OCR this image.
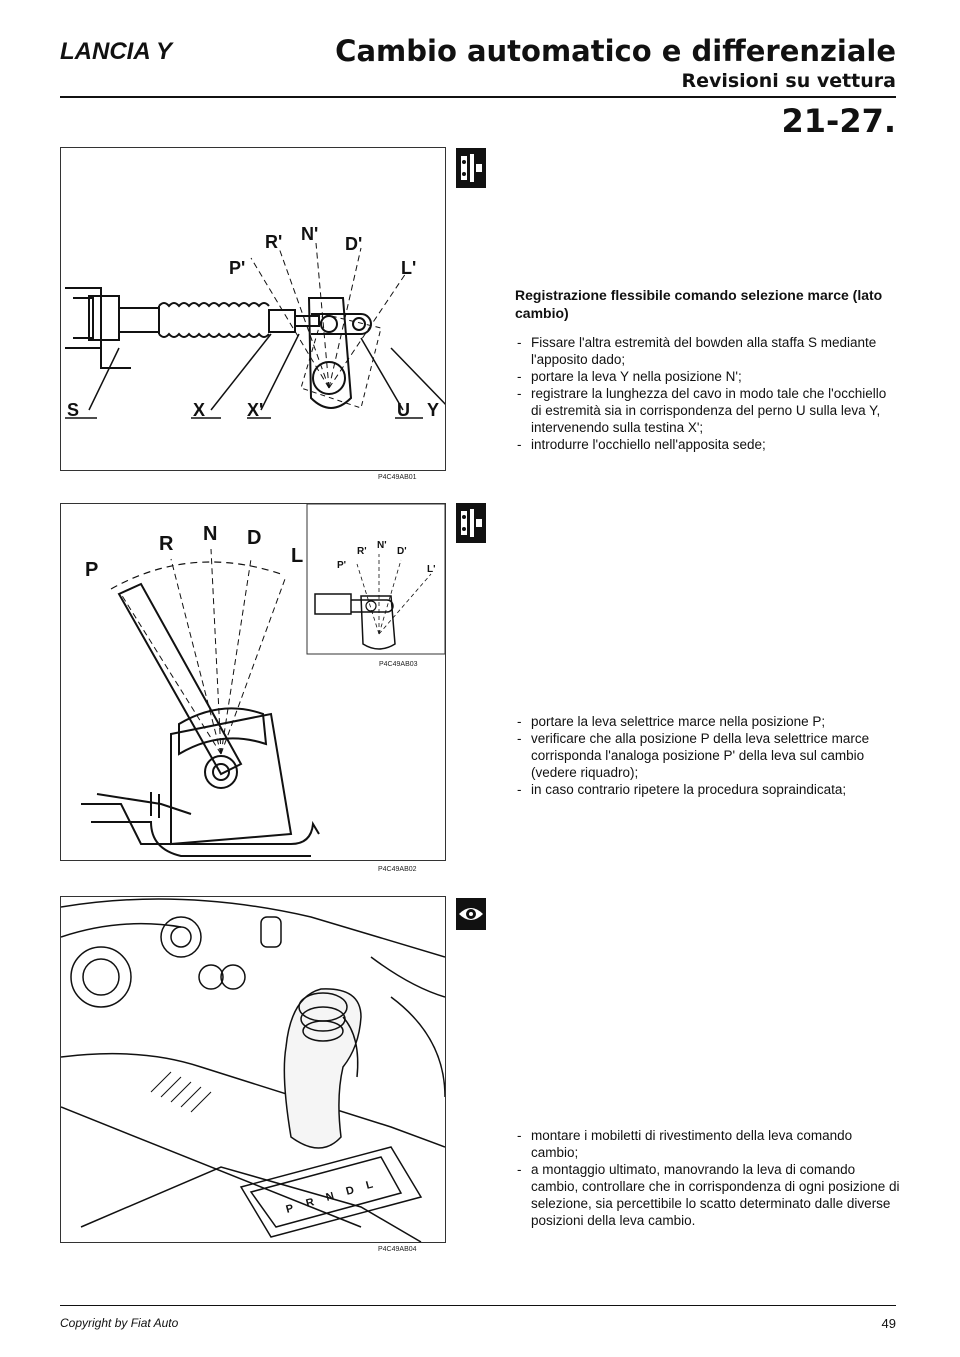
LANCIA Y	Cambio automatico e differenziale
Revisioni su vettura
21-27.
R' N' D'
L'
P'
S	X X'	U Y
P4C49AB01
P
R N D
L	R'
N'
D'
L'
P'
P4C49AB03
P4C49AB02
P R N D L
P4C49AB04
Registrazione flessibile comando selezione marce (lato cambio)
- Fissare l'altra estremità del bowden alla staffa S mediante l'apposito dado;
- portare la leva Y nella posizione N';
- registrare la lunghezza del cavo in modo tale che l'occhiello di estremità sia in corrispondenza del perno U sulla leva Y, intervenendo sulla testina X';
- introdurre l'occhiello nell'apposita sede;
- portare la leva selettrice marce nella posizione P;
- verificare che alla posizione P della leva selettrice marce corrisponda l'analoga posizione P' della leva sul cambio (vedere riquadro);
- in caso contrario ripetere la procedura sopraindicata;
- montare i mobiletti di rivestimento della leva comando cambio;
- a montaggio ultimato, manovrando la leva di comando cambio, controllare che in corrispondenza di ogni posizione di selezione, sia percettibile lo scatto determinato dalle diverse posizioni della leva cambio.
Copyright by Fiat Auto	49
